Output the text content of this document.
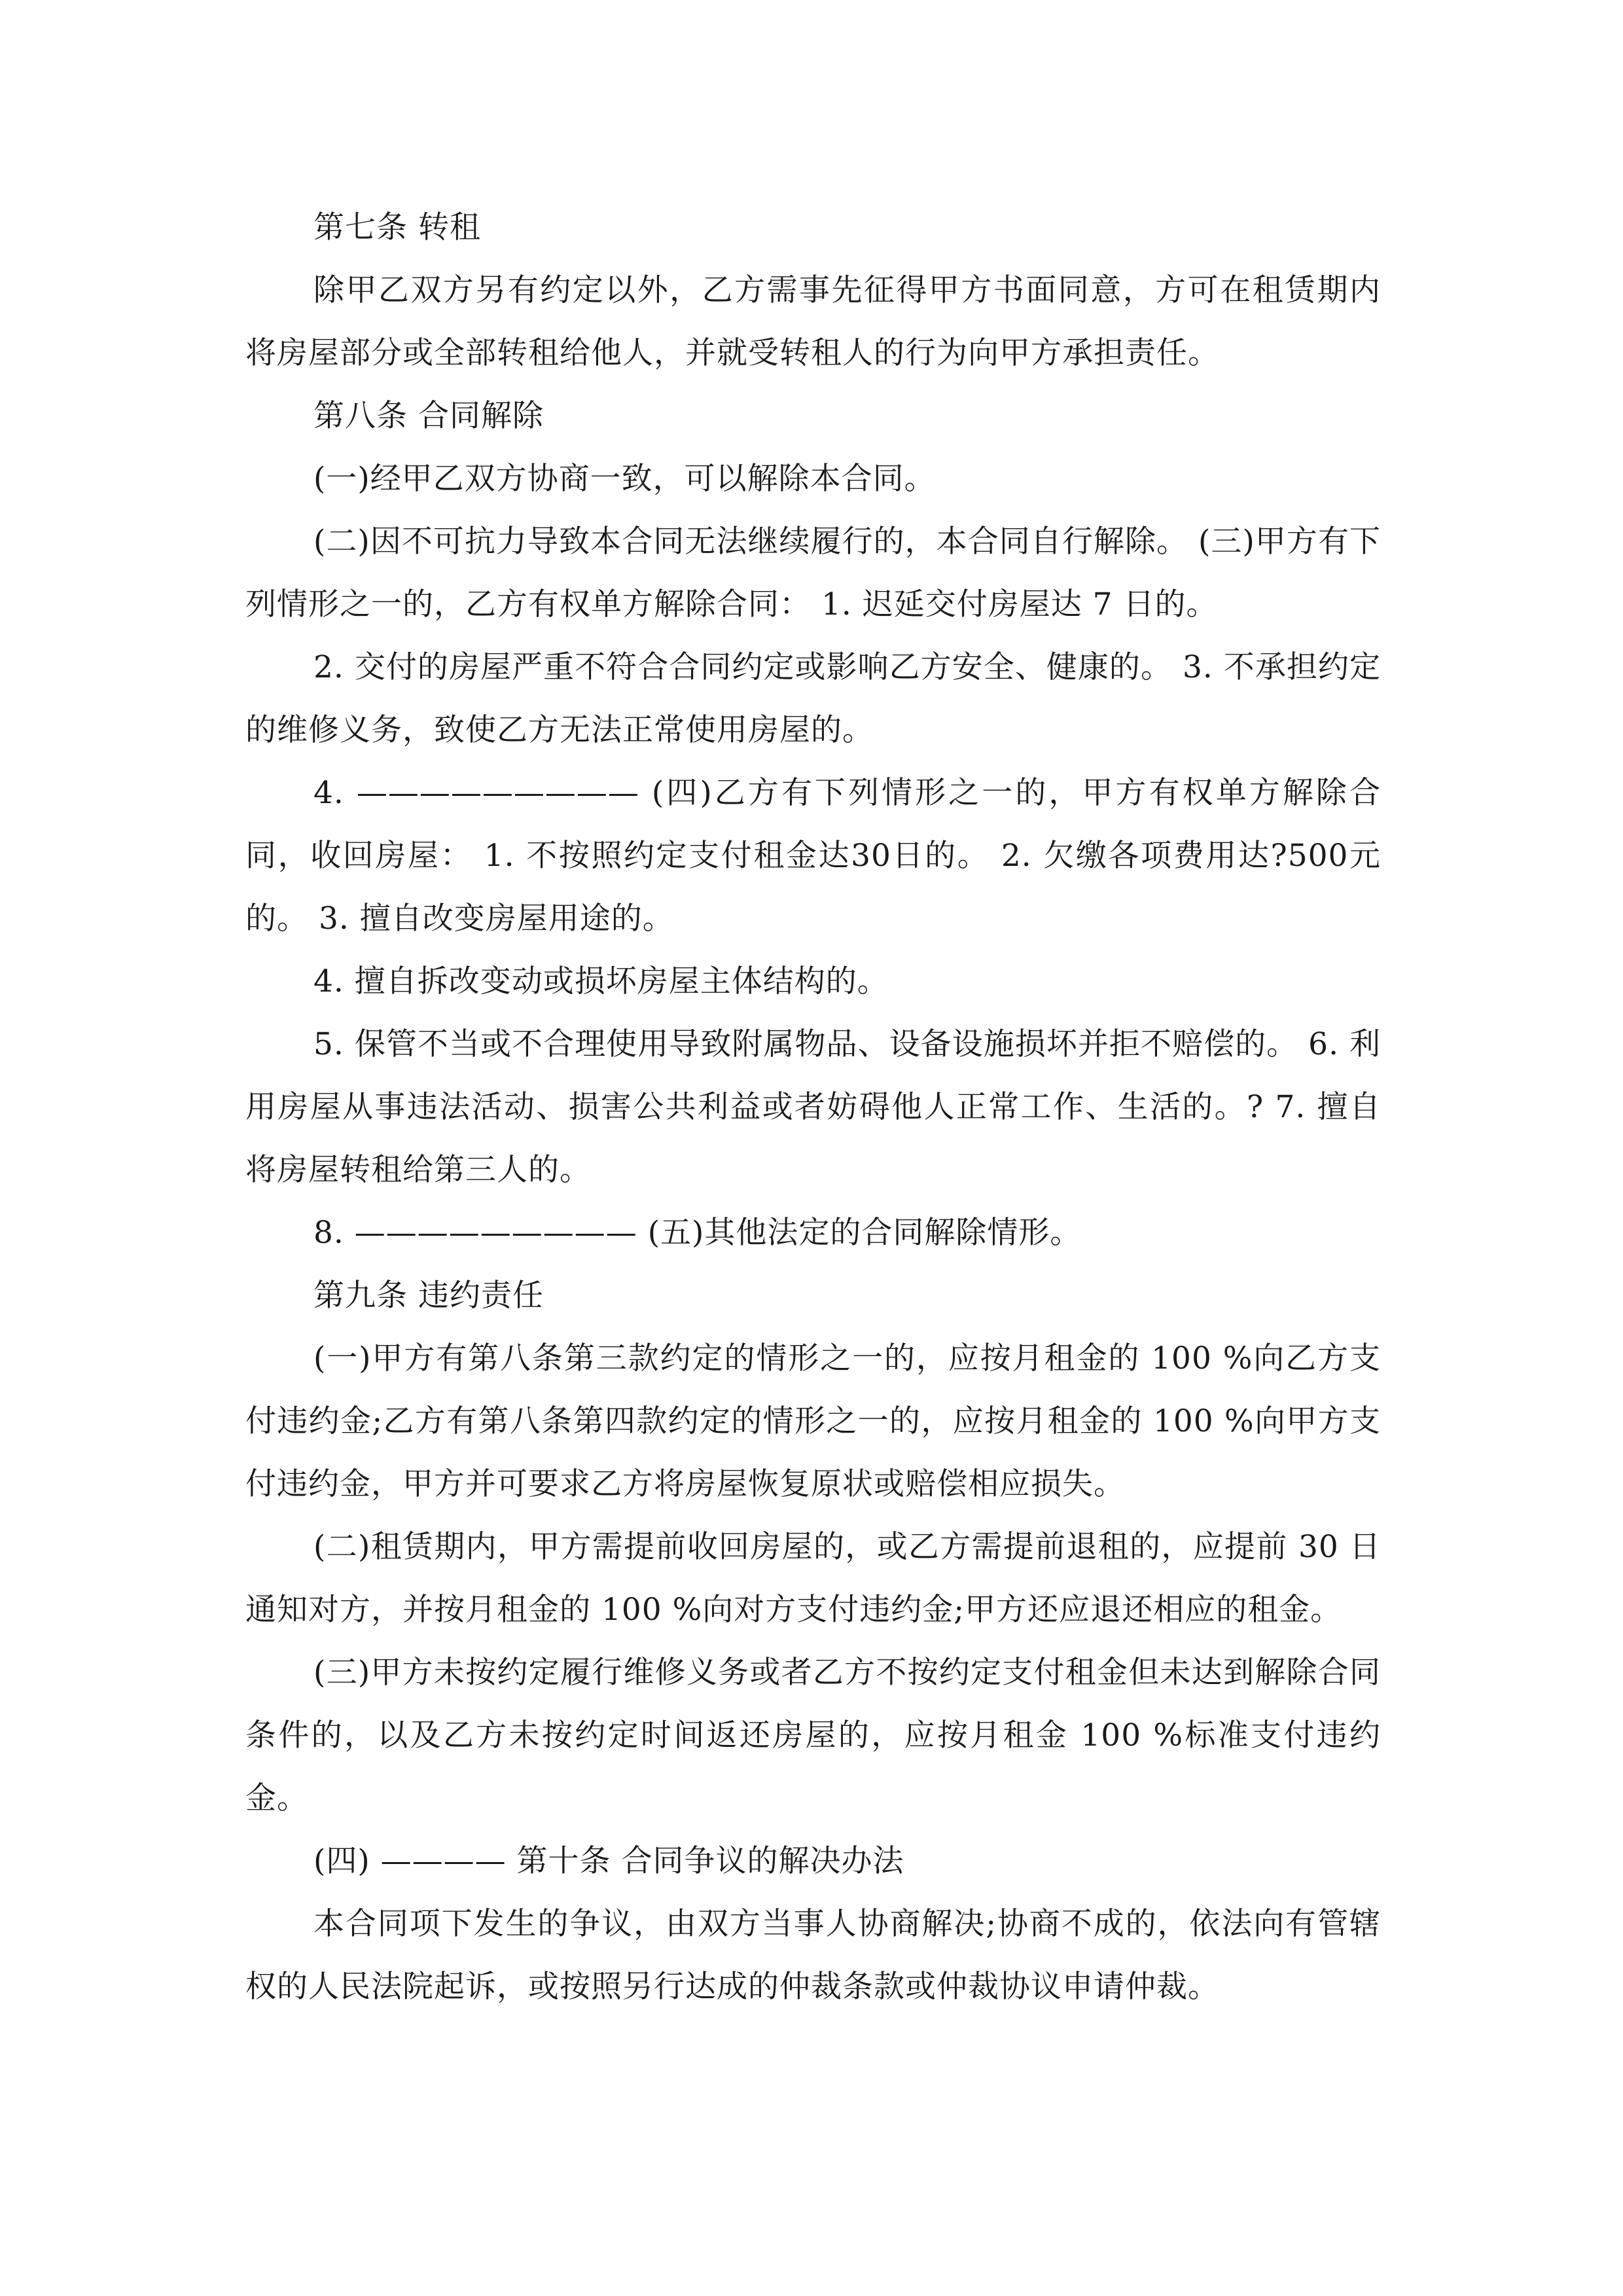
第七条 转租

除甲乙双方另有约定以外，乙方需事先征得甲方书面同意，方可在租赁期内将房屋部分或全部转租给他人，并就受转租人的行为向甲方承担责任。

第八条 合同解除

(一)经甲乙双方协商一致，可以解除本合同。

(二)因不可抗力导致本合同无法继续履行的，本合同自行解除。 (三)甲方有下列情形之一的，乙方有权单方解除合同： 1. 迟延交付房屋达 7 日的。

2. 交付的房屋严重不符合合同约定或影响乙方安全、健康的。 3. 不承担约定的维修义务，致使乙方无法正常使用房屋的。

4. ————————— (四)乙方有下列情形之一的，甲方有权单方解除合同，收回房屋： 1. 不按照约定支付租金达30日的。 2. 欠缴各项费用达?500元的。 3. 擅自改变房屋用途的。

4. 擅自拆改变动或损坏房屋主体结构的。

5. 保管不当或不合理使用导致附属物品、设备设施损坏并拒不赔偿的。 6. 利用房屋从事违法活动、损害公共利益或者妨碍他人正常工作、生活的。? 7. 擅自将房屋转租给第三人的。

8. ————————— (五)其他法定的合同解除情形。

第九条 违约责任

(一)甲方有第八条第三款约定的情形之一的，应按月租金的 100 %向乙方支付违约金;乙方有第八条第四款约定的情形之一的，应按月租金的 100 %向甲方支付违约金，甲方并可要求乙方将房屋恢复原状或赔偿相应损失。

(二)租赁期内，甲方需提前收回房屋的，或乙方需提前退租的，应提前 30 日通知对方，并按月租金的 100 %向对方支付违约金;甲方还应退还相应的租金。

(三)甲方未按约定履行维修义务或者乙方不按约定支付租金但未达到解除合同条件的，以及乙方未按约定时间返还房屋的，应按月租金 100 %标准支付违约金。

(四) ———— 第十条 合同争议的解决办法

本合同项下发生的争议，由双方当事人协商解决;协商不成的，依法向有管辖权的人民法院起诉，或按照另行达成的仲裁条款或仲裁协议申请仲裁。
